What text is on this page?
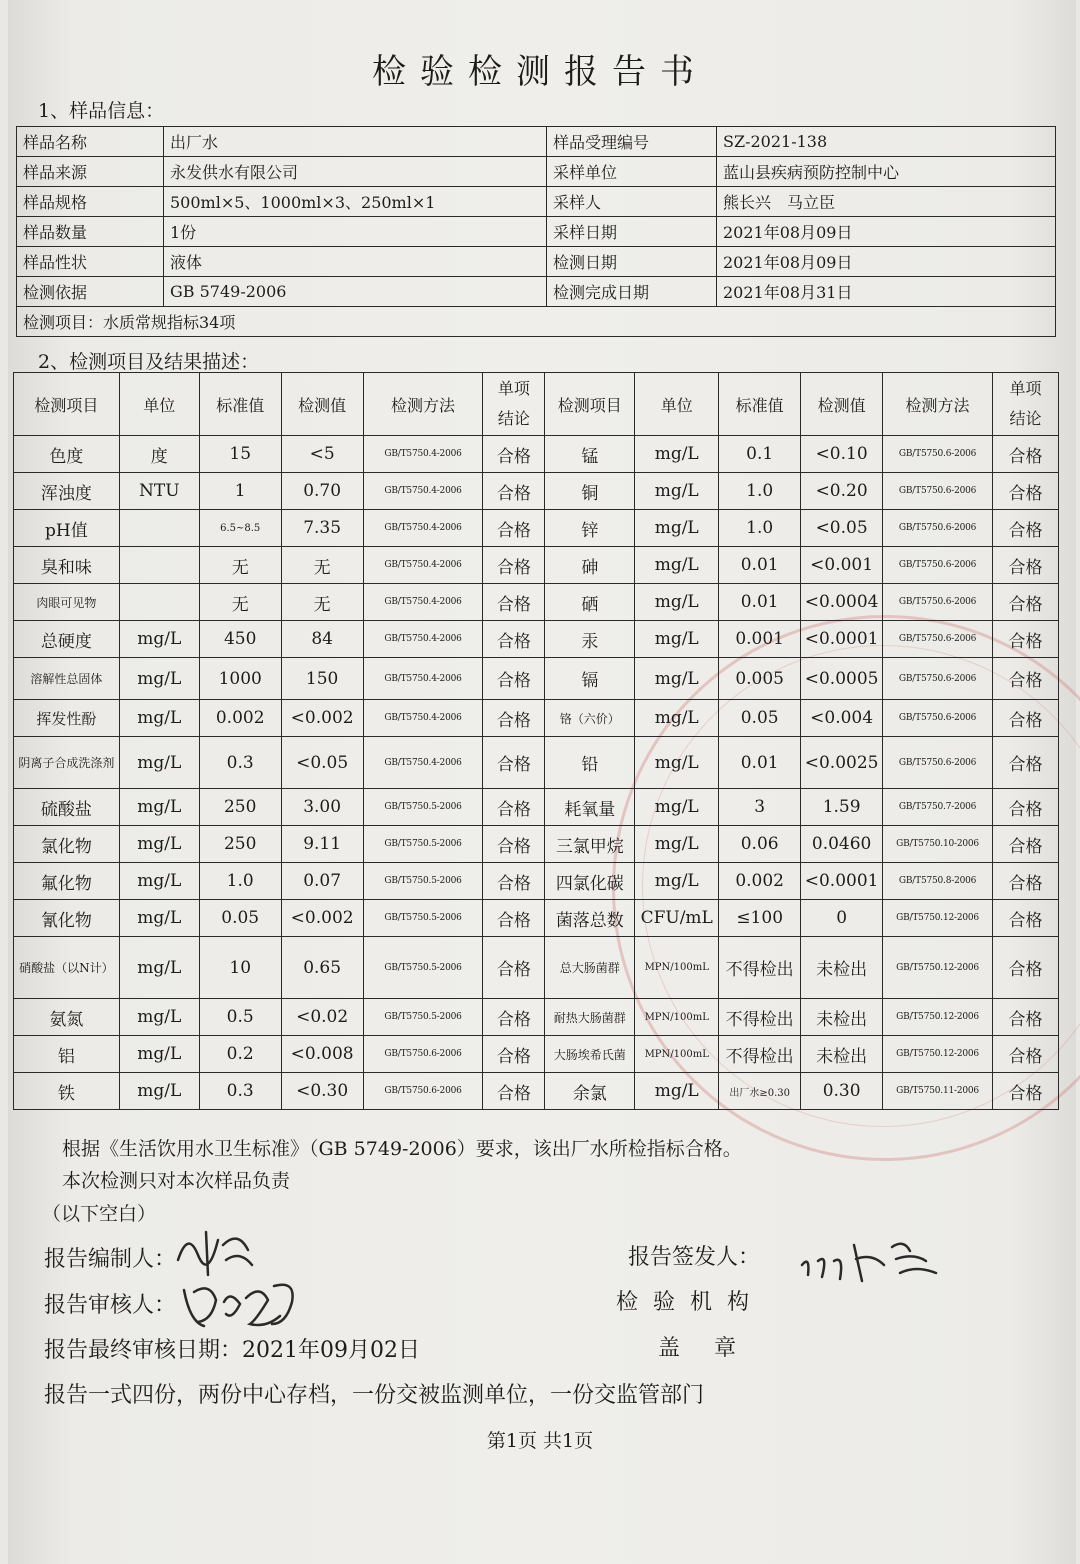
检验检测报告书
1、样品信息：
样品名称	出厂水	样品受理编号	SZ-2021-138
样品来源	永发供水有限公司	采样单位	蓝山县疾病预防控制中心
样品规格	500ml×5、1000ml×3、250ml×1	采样人	熊长兴　马立臣
样品数量	1份	采样日期	2021年08月09日
样品性状	液体	检测日期	2021年08月09日
检测依据	GB 5749-2006	检测完成日期	2021年08月31日
检测项目：水质常规指标34项			
2、检测项目及结果描述：
检测项目	单位	标准值	检测值	检测方法	单项结论	检测项目	单位	标准值	检测值	检测方法	单项结论
色度	度	15	<5	GB/T5750.4-2006	合格	锰	mg/L	0.1	<0.10	GB/T5750.6-2006	合格
浑浊度	NTU	1	0.70	GB/T5750.4-2006	合格	铜	mg/L	1.0	<0.20	GB/T5750.6-2006	合格
pH值		6.5~8.5	7.35	GB/T5750.4-2006	合格	锌	mg/L	1.0	<0.05	GB/T5750.6-2006	合格
臭和味		无	无	GB/T5750.4-2006	合格	砷	mg/L	0.01	<0.001	GB/T5750.6-2006	合格
肉眼可见物		无	无	GB/T5750.4-2006	合格	硒	mg/L	0.01	<0.0004	GB/T5750.6-2006	合格
总硬度	mg/L	450	84	GB/T5750.4-2006	合格	汞	mg/L	0.001	<0.0001	GB/T5750.6-2006	合格
溶解性总固体	mg/L	1000	150	GB/T5750.4-2006	合格	镉	mg/L	0.005	<0.0005	GB/T5750.6-2006	合格
挥发性酚	mg/L	0.002	<0.002	GB/T5750.4-2006	合格	铬（六价）	mg/L	0.05	<0.004	GB/T5750.6-2006	合格
阴离子合成洗涤剂	mg/L	0.3	<0.05	GB/T5750.4-2006	合格	铅	mg/L	0.01	<0.0025	GB/T5750.6-2006	合格
硫酸盐	mg/L	250	3.00	GB/T5750.5-2006	合格	耗氧量	mg/L	3	1.59	GB/T5750.7-2006	合格
氯化物	mg/L	250	9.11	GB/T5750.5-2006	合格	三氯甲烷	mg/L	0.06	0.0460	GB/T5750.10-2006	合格
氟化物	mg/L	1.0	0.07	GB/T5750.5-2006	合格	四氯化碳	mg/L	0.002	<0.0001	GB/T5750.8-2006	合格
氰化物	mg/L	0.05	<0.002	GB/T5750.5-2006	合格	菌落总数	CFU/mL	≤100	0	GB/T5750.12-2006	合格
硝酸盐（以N计）	mg/L	10	0.65	GB/T5750.5-2006	合格	总大肠菌群	MPN/100mL	不得检出	未检出	GB/T5750.12-2006	合格
氨氮	mg/L	0.5	<0.02	GB/T5750.5-2006	合格	耐热大肠菌群	MPN/100mL	不得检出	未检出	GB/T5750.12-2006	合格
铝	mg/L	0.2	<0.008	GB/T5750.6-2006	合格	大肠埃希氏菌	MPN/100mL	不得检出	未检出	GB/T5750.12-2006	合格
铁	mg/L	0.3	<0.30	GB/T5750.6-2006	合格	余氯	mg/L	出厂水≥0.30	0.30	GB/T5750.11-2006	合格
根据《生活饮用水卫生标准》（GB 5749-2006）要求，该出厂水所检指标合格。
本次检测只对本次样品负责
（以下空白）
报告编制人：
报告审核人：
报告最终审核日期：2021年09月02日
报告一式四份，两份中心存档，一份交被监测单位，一份交监管部门
报告签发人：
检 验 机 构
盖　章
第1页 共1页
